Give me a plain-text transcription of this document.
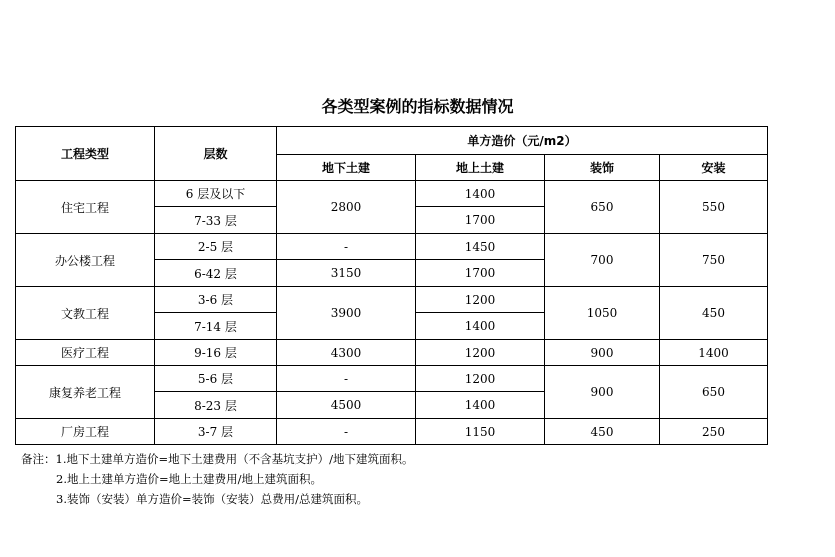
各类型案例的指标数据情况
工程类型	层数	单方造价（元/m2）			
		地下土建	地上土建	装饰	安装
住宅工程	6 层及以下	2800	1400	650	550
	7-33 层		1700		
办公楼工程	2-5 层	-	1450	700	750
	6-42 层	3150	1700		
文教工程	3-6 层	3900	1200	1050	450
	7-14 层		1400		
医疗工程	9-16 层	4300	1200	900	1400
康复养老工程	5-6 层	-	1200	900	650
	8-23 层	4500	1400		
厂房工程	3-7 层	-	1150	450	250
备注：1.地下土建单方造价=地下土建费用（不含基坑支护）/地下建筑面积。
2.地上土建单方造价=地上土建费用/地上建筑面积。
3.装饰（安装）单方造价=装饰（安装）总费用/总建筑面积。
